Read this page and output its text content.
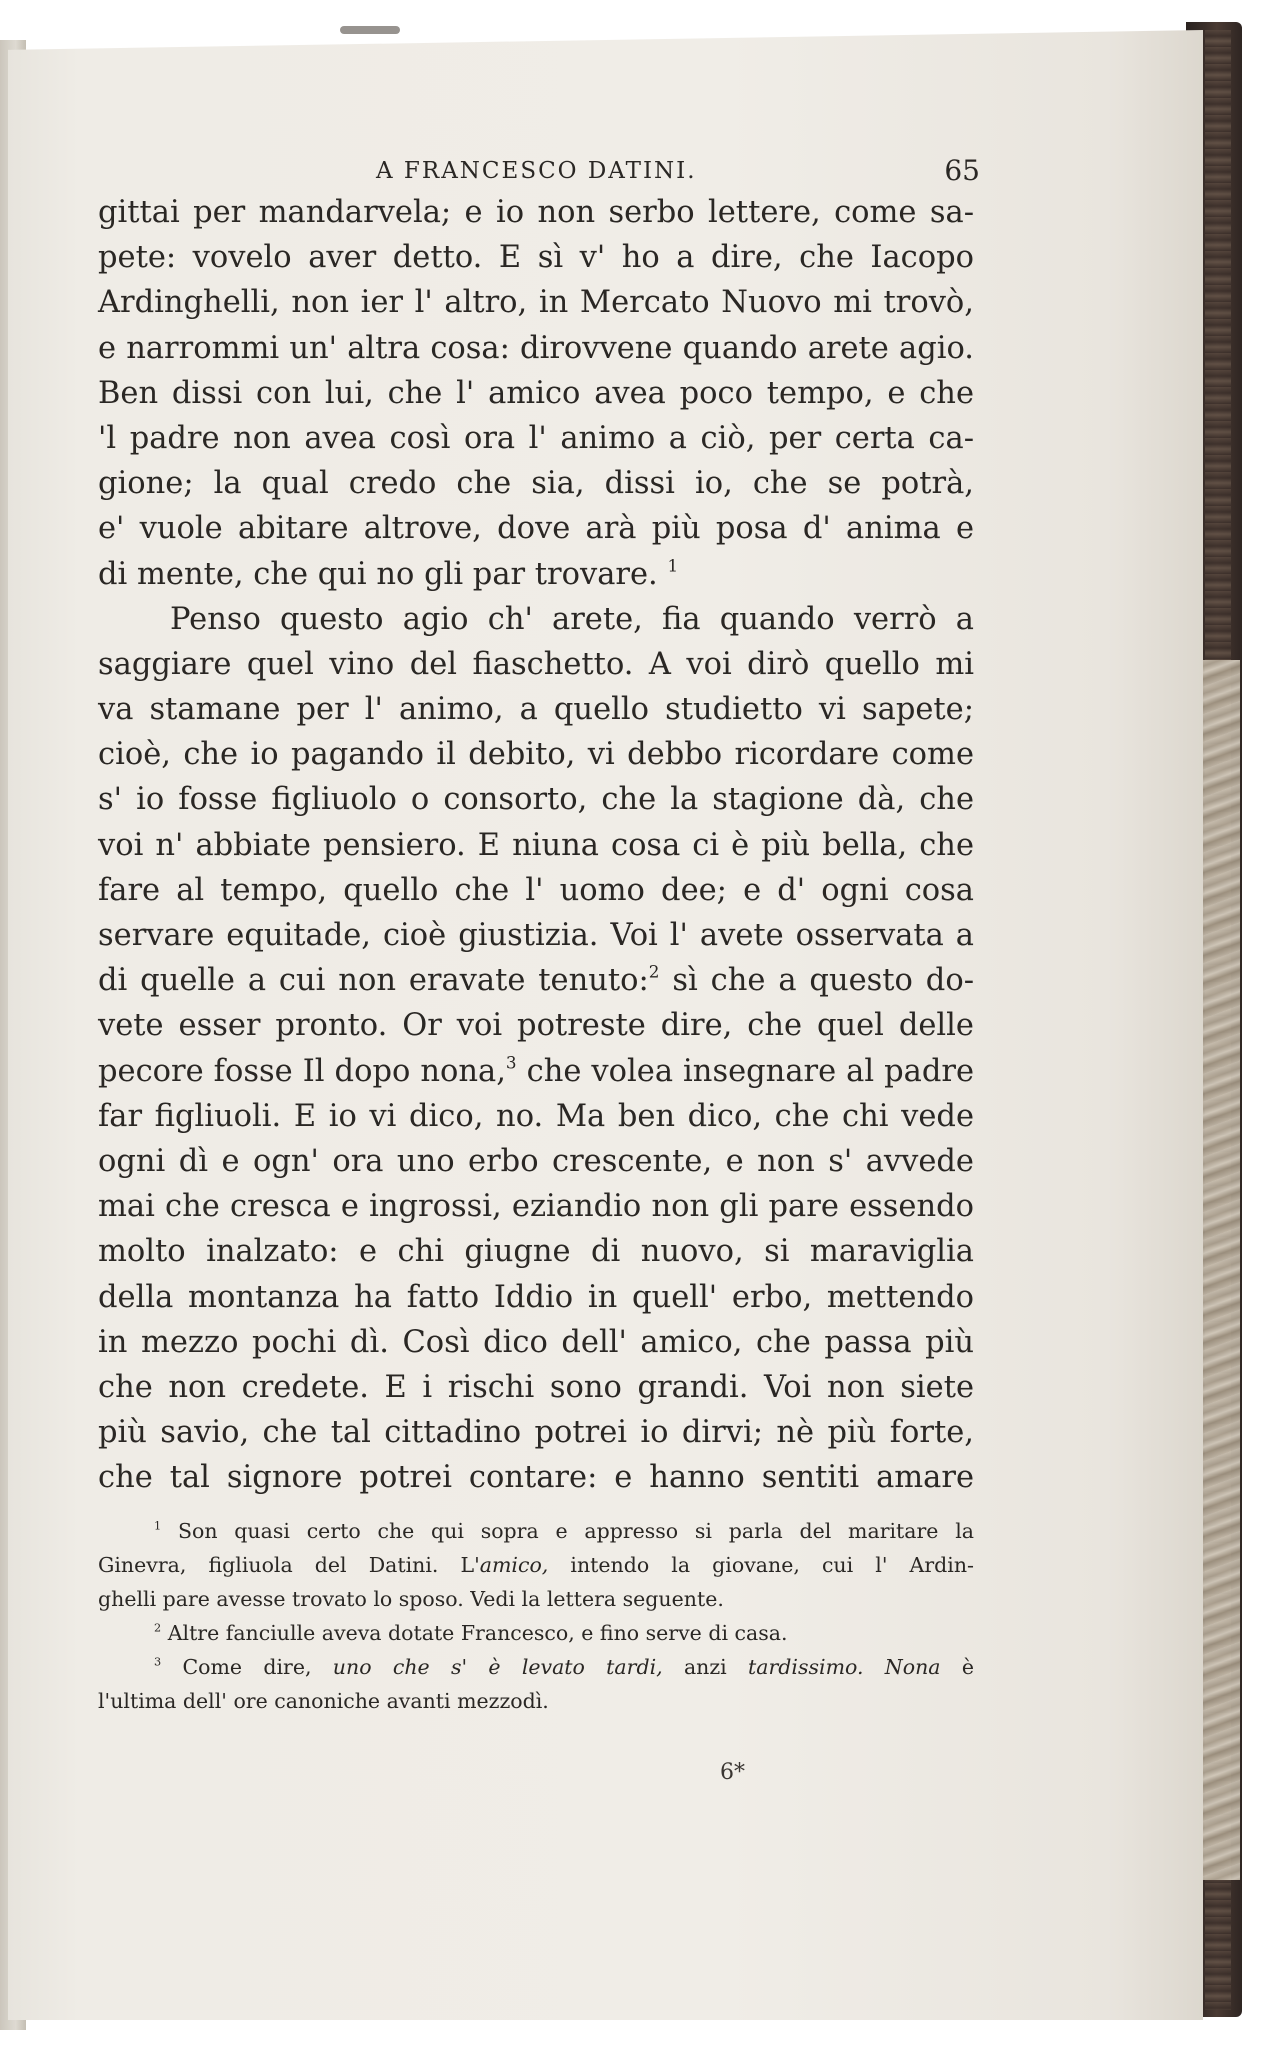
A FRANCESCO DATINI.	65
gittai per mandarvela; e io non serbo lettere, come sa-
pete: vovelo aver detto. E sì v' ho a dire, che Iacopo
Ardinghelli, non ier l' altro, in Mercato Nuovo mi trovò,
e narrommi un' altra cosa: dirovvene quando arete agio.
Ben dissi con lui, che l' amico avea poco tempo, e che
'l padre non avea così ora l' animo a ciò, per certa ca-
gione; la qual credo che sia, dissi io, che se potrà,
e' vuole abitare altrove, dove arà più posa d' anima e
di mente, che qui no gli par trovare. $^1$
Penso questo agio ch' arete, fia quando verrò a
saggiare quel vino del fiaschetto. A voi dirò quello mi
va stamane per l' animo, a quello studietto vi sapete;
cioè, che io pagando il debito, vi debbo ricordare come
s' io fosse figliuolo o consorto, che la stagione dà, che
voi n' abbiate pensiero. E niuna cosa ci è più bella, che
fare al tempo, quello che l' uomo dee; e d' ogni cosa
servare equitade, cioè giustizia. Voi l' avete osservata a
di quelle a cui non eravate tenuto:$^2$ sì che a questo do-
vete esser pronto. Or voi potreste dire, che quel delle
pecore fosse Il dopo nona,$^3$ che volea insegnare al padre
far figliuoli. E io vi dico, no. Ma ben dico, che chi vede
ogni dì e ogn' ora uno erbo crescente, e non s' avvede
mai che cresca e ingrossi, eziandio non gli pare essendo
molto inalzato: e chi giugne di nuovo, si maraviglia
della montanza ha fatto Iddio in quell' erbo, mettendo
in mezzo pochi dì. Così dico dell' amico, che passa più
che non credete. E i rischi sono grandi. Voi non siete
più savio, che tal cittadino potrei io dirvi; nè più forte,
che tal signore potrei contare: e hanno sentiti amare
$^1$ Son quasi certo che qui sopra e appresso si parla del maritare la
Ginevra, figliuola del Datini. L'amico, intendo la giovane, cui l' Ardin-
ghelli pare avesse trovato lo sposo. Vedi la lettera seguente.
$^2$ Altre fanciulle aveva dotate Francesco, e fino serve di casa.
$^3$ Come dire, uno che s' è levato tardi, anzi tardissimo. Nona è
l'ultima dell' ore canoniche avanti mezzodì.
6*
